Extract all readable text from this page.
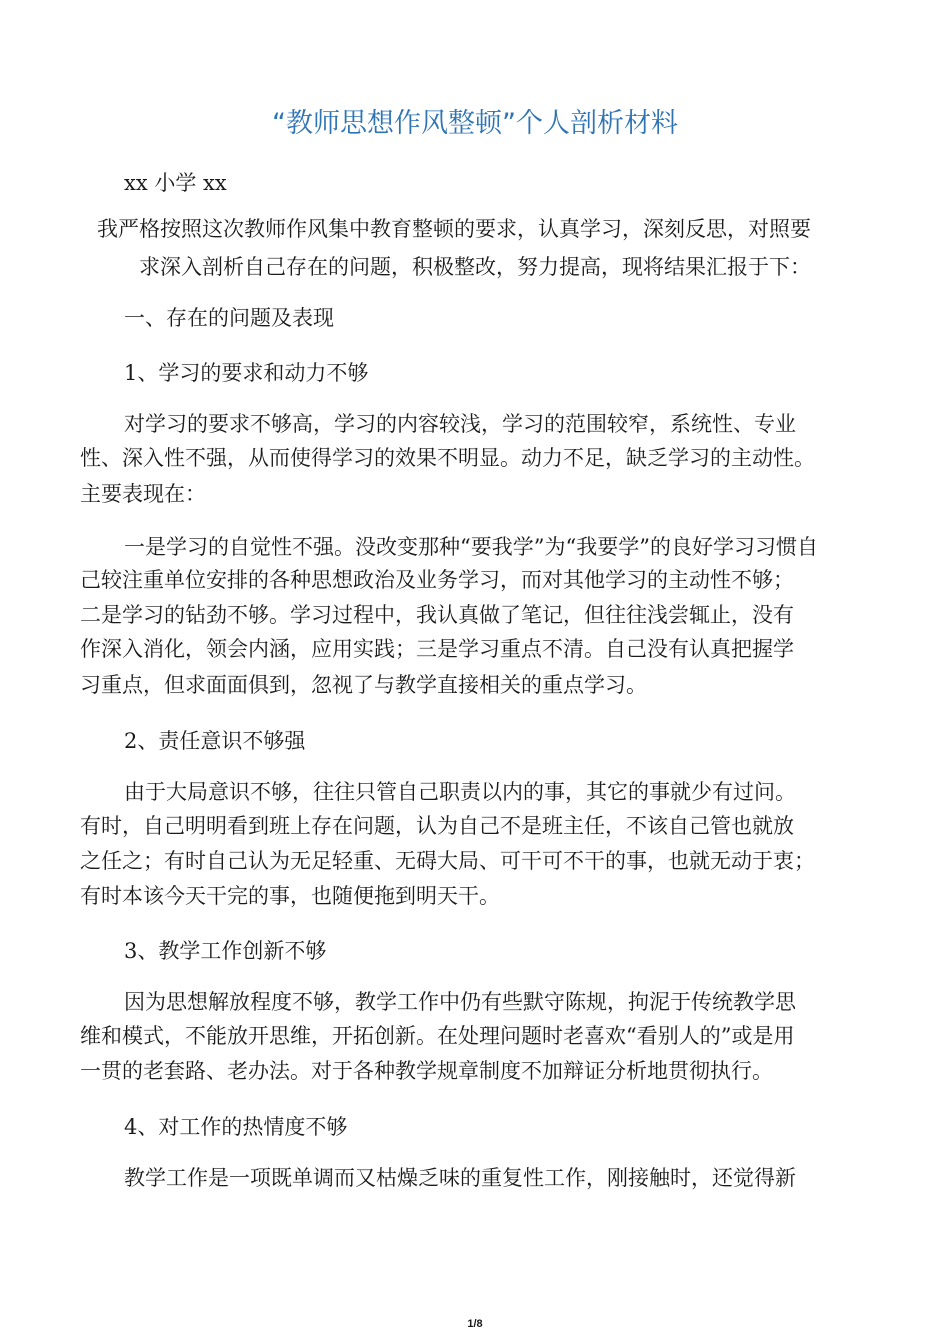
“教师思想作风整顿”个人剖析材料
xx 小学 xx
我严格按照这次教师作风集中教育整顿的要求，认真学习，深刻反思，对照要
求深入剖析自己存在的问题，积极整改，努力提高，现将结果汇报于下：
一、存在的问题及表现
1、学习的要求和动力不够
对学习的要求不够高，学习的内容较浅，学习的范围较窄，系统性、专业
性、深入性不强，从而使得学习的效果不明显。动力不足，缺乏学习的主动性。
主要表现在：
一是学习的自觉性不强。没改变那种“要我学”为“我要学”的良好学习习惯自
己较注重单位安排的各种思想政治及业务学习，而对其他学习的主动性不够；
二是学习的钻劲不够。学习过程中，我认真做了笔记，但往往浅尝辄止，没有
作深入消化，领会内涵，应用实践；三是学习重点不清。自己没有认真把握学
习重点，但求面面俱到，忽视了与教学直接相关的重点学习。
2、责任意识不够强
由于大局意识不够，往往只管自己职责以内的事，其它的事就少有过问。
有时，自己明明看到班上存在问题，认为自己不是班主任，不该自己管也就放
之任之；有时自己认为无足轻重、无碍大局、可干可不干的事，也就无动于衷；
有时本该今天干完的事，也随便拖到明天干。
3、教学工作创新不够
因为思想解放程度不够，教学工作中仍有些默守陈规，拘泥于传统教学思
维和模式，不能放开思维，开拓创新。在处理问题时老喜欢“看别人的”或是用
一贯的老套路、老办法。对于各种教学规章制度不加辩证分析地贯彻执行。
4、对工作的热情度不够
教学工作是一项既单调而又枯燥乏味的重复性工作，刚接触时，还觉得新
1/8
